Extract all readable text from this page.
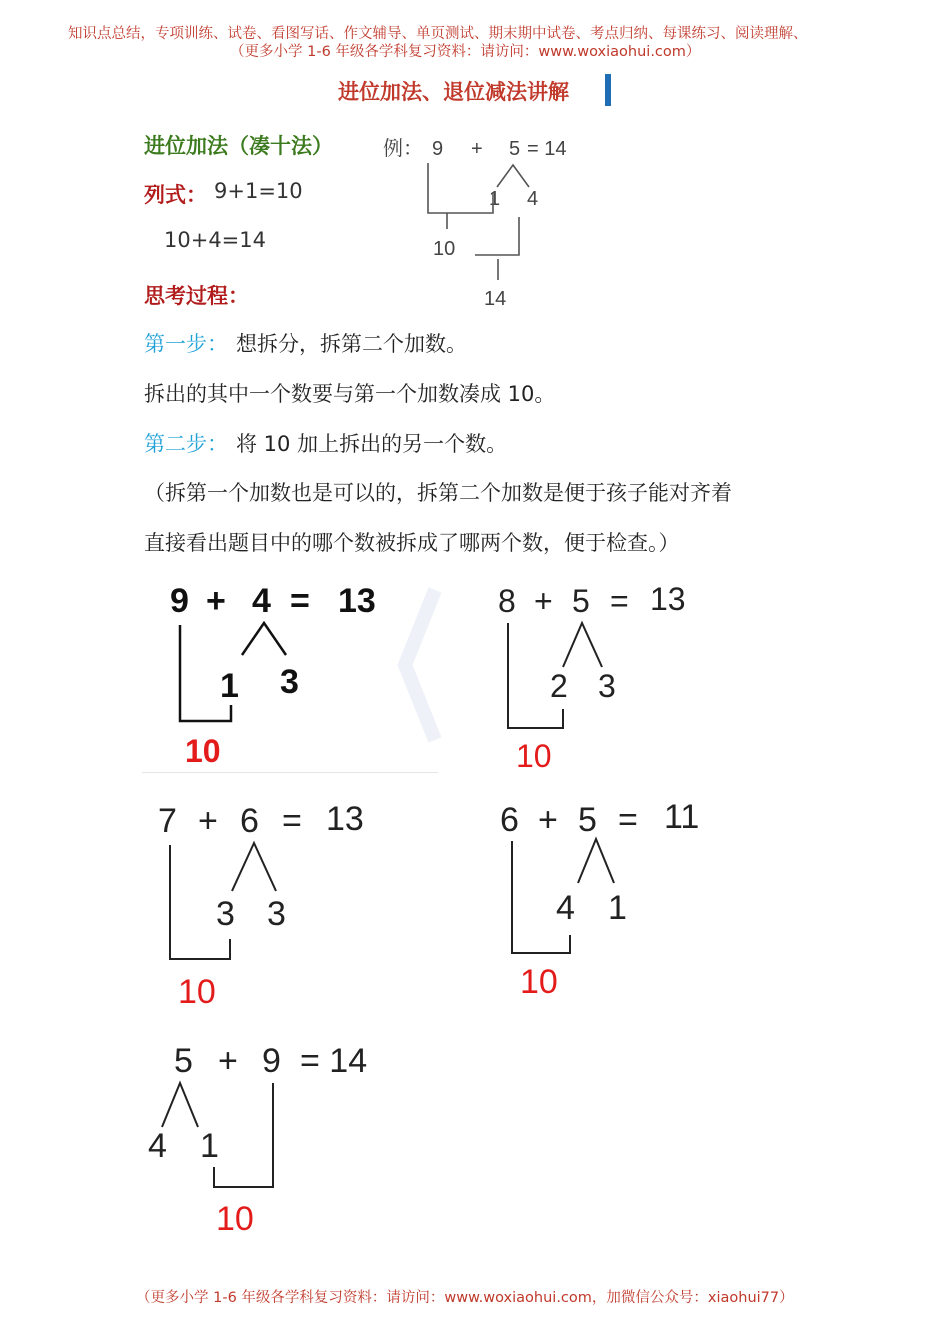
知识点总结，专项训练、试卷、看图写话、作文辅导、单页测试、期末期中试卷、考点归纳、每课练习、阅读理解、
（更多小学 1-6 年级各学科复习资料：请访问：www.woxiaohui.com）
进位加法、退位减法讲解
进位加法（凑十法）
列式： 9+1=10
10+4=14
思考过程：
例： 9 + 5 = 14
1 4
10
14
第一步： 想拆分，拆第二个加数。
拆出的其中一个数要与第一个加数凑成 10。
第二步： 将 10 加上拆出的另一个数。
（拆第一个加数也是可以的，拆第二个加数是便于孩子能对齐着
直接看出题目中的哪个数被拆成了哪两个数，便于检查。）
9 + 4 = 13
1 3
10
8 + 5 = 13
2 3
10
7 + 6 = 13
3 3
10
6 + 5 = 11
4 1
10
5 + 9 = 14
4 1
10
（更多小学 1-6 年级各学科复习资料：请访问：www.woxiaohui.com，加微信公众号：xiaohui77）
